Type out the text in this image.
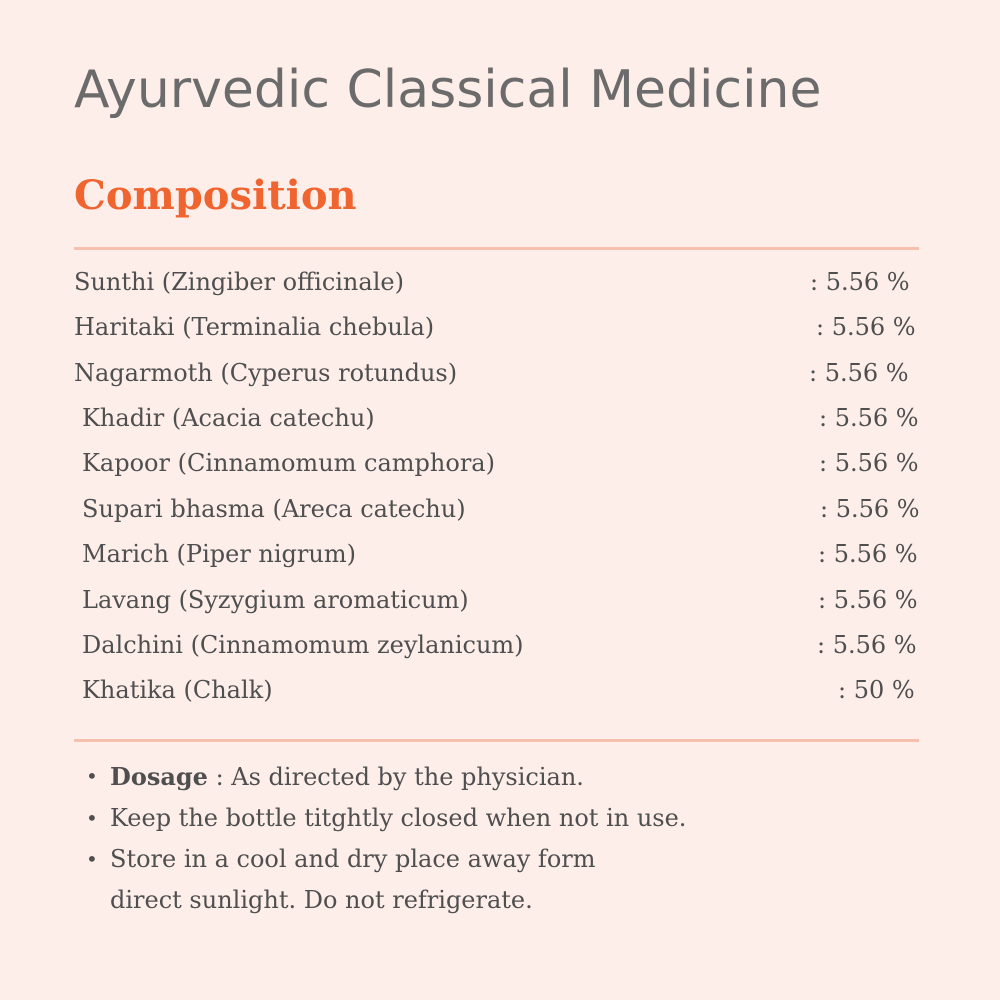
Ayurvedic Classical Medicine
Composition
Sunthi (Zingiber officinale)	: 5.56 %
Haritaki (Terminalia chebula)	: 5.56 %
Nagarmoth (Cyperus rotundus)	: 5.56 %
Khadir (Acacia catechu)	: 5.56 %
Kapoor (Cinnamomum camphora)	: 5.56 %
Supari bhasma (Areca catechu)	: 5.56 %
Marich (Piper nigrum)	: 5.56 %
Lavang (Syzygium aromaticum)	: 5.56 %
Dalchini (Cinnamomum zeylanicum)	: 5.56 %
Khatika (Chalk)	: 50 %
• Dosage : As directed by the physician.
• Keep the bottle titghtly closed when not in use.
• Store in a cool and dry place away form
direct sunlight. Do not refrigerate.
